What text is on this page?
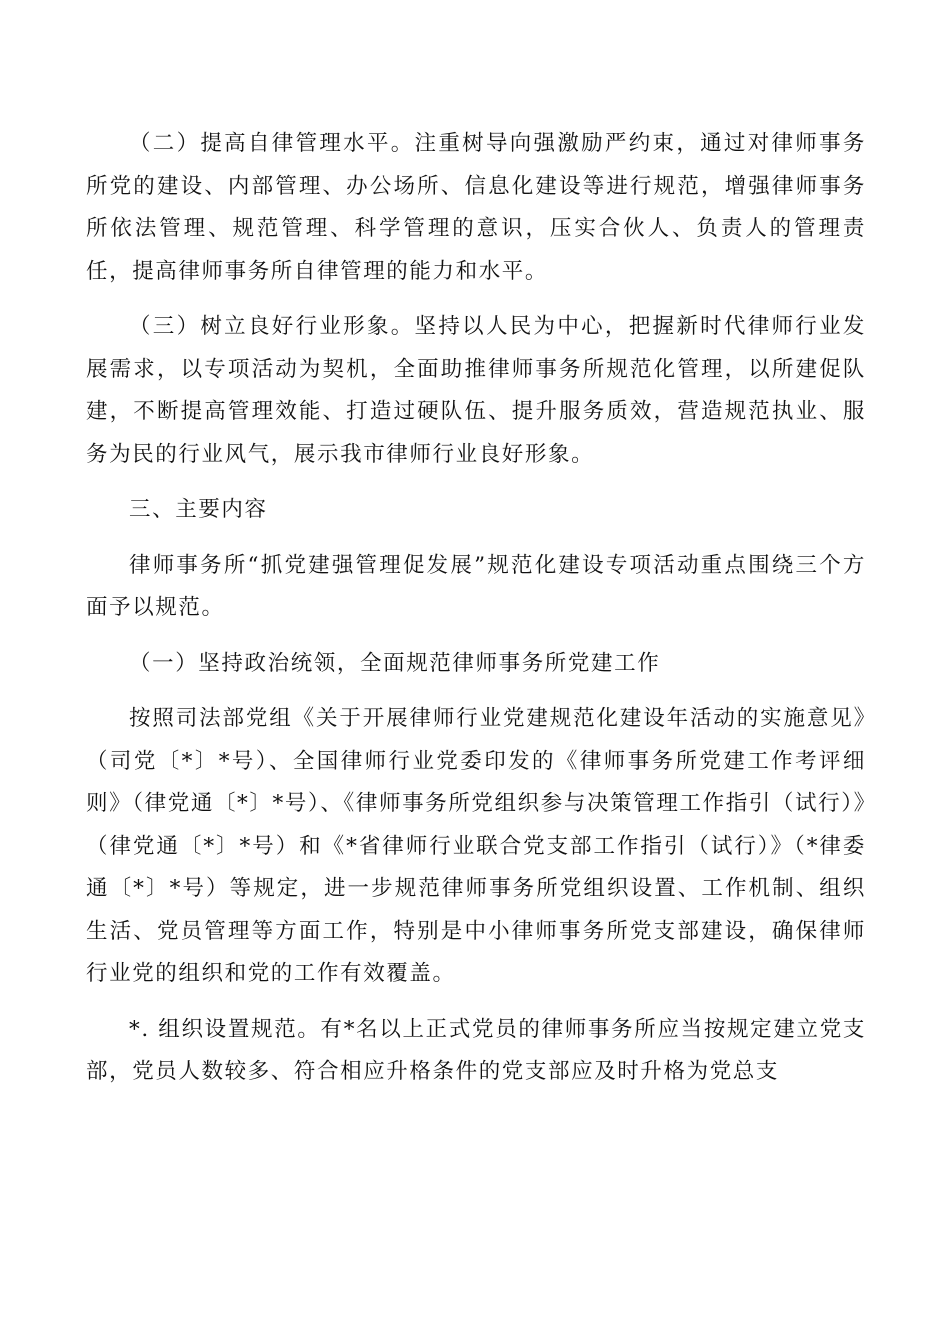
（二）提高自律管理水平。注重树导向强激励严约束，通过对律师事务所党的建设、内部管理、办公场所、信息化建设等进行规范，增强律师事务所依法管理、规范管理、科学管理的意识，压实合伙人、负责人的管理责任，提高律师事务所自律管理的能力和水平。

（三）树立良好行业形象。坚持以人民为中心，把握新时代律师行业发展需求，以专项活动为契机，全面助推律师事务所规范化管理，以所建促队建，不断提高管理效能、打造过硬队伍、提升服务质效，营造规范执业、服务为民的行业风气，展示我市律师行业良好形象。

三、主要内容

律师事务所“抓党建强管理促发展”规范化建设专项活动重点围绕三个方面予以规范。

（一）坚持政治统领，全面规范律师事务所党建工作

按照司法部党组《关于开展律师行业党建规范化建设年活动的实施意见》（司党〔*〕*号）、全国律师行业党委印发的《律师事务所党建工作考评细则》（律党通〔*〕*号）、《律师事务所党组织参与决策管理工作指引（试行）》（律党通〔*〕*号）和《*省律师行业联合党支部工作指引（试行）》（*律委通〔*〕*号）等规定，进一步规范律师事务所党组织设置、工作机制、组织生活、党员管理等方面工作，特别是中小律师事务所党支部建设，确保律师行业党的组织和党的工作有效覆盖。

*. 组织设置规范。有*名以上正式党员的律师事务所应当按规定建立党支部，党员人数较多、符合相应升格条件的党支部应及时升格为党总支
